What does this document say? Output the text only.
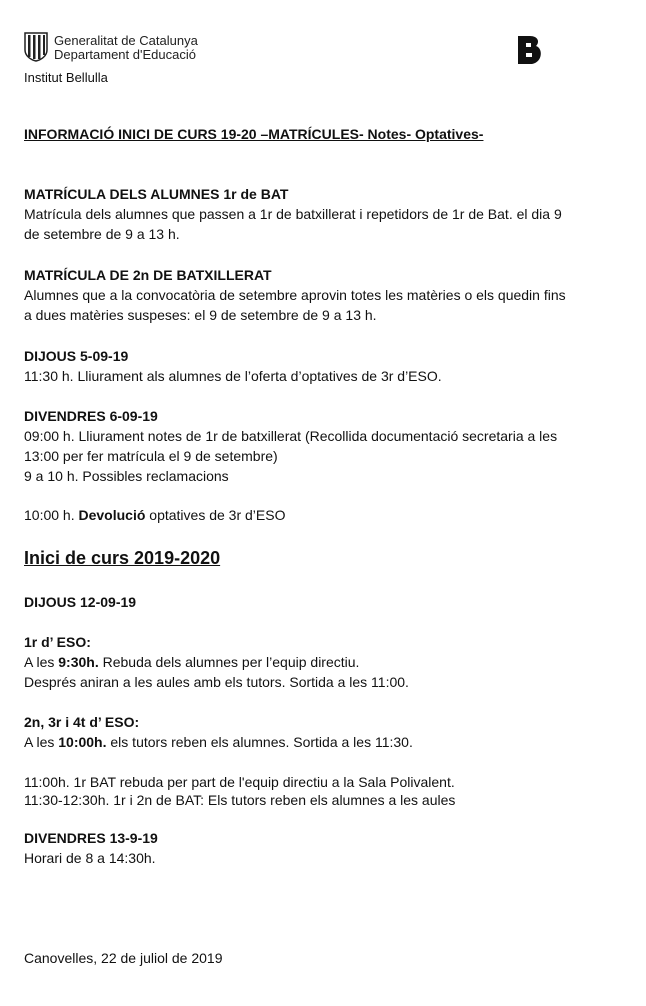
Generalitat de Catalunya
Departament d'Educació
Institut Bellulla
INFORMACIÓ INICI DE CURS 19-20 –MATRÍCULES- Notes- Optatives-
MATRÍCULA DELS ALUMNES 1r de BAT
Matrícula dels alumnes que passen a 1r de batxillerat i repetidors de 1r de Bat. el dia 9
de setembre de 9 a 13 h.
MATRÍCULA DE 2n DE BATXILLERAT
Alumnes que a la convocatòria de setembre aprovin totes les matèries o els quedin fins
a dues matèries suspeses: el 9 de setembre de 9 a 13 h.
DIJOUS 5-09-19
11:30 h. Lliurament als alumnes de l’oferta d’optatives de 3r d’ESO.
DIVENDRES 6-09-19
09:00 h. Lliurament notes de 1r de batxillerat (Recollida documentació secretaria a les
13:00 per fer matrícula el 9 de setembre)
9 a 10 h. Possibles reclamacions
10:00 h. Devolució optatives de 3r d’ESO
Inici de curs 2019-2020
DIJOUS 12-09-19
1r d’ ESO:
A les 9:30h. Rebuda dels alumnes per l’equip directiu.
Després aniran a les aules amb els tutors. Sortida a les 11:00.
2n, 3r i 4t d’ ESO:
A les 10:00h. els tutors reben els alumnes. Sortida a les 11:30.
11:00h. 1r BAT rebuda per part de l'equip directiu a la Sala Polivalent.
11:30-12:30h. 1r i 2n de BAT: Els tutors reben els alumnes a les aules
DIVENDRES 13-9-19
Horari de 8 a 14:30h.
Canovelles, 22 de juliol de 2019
